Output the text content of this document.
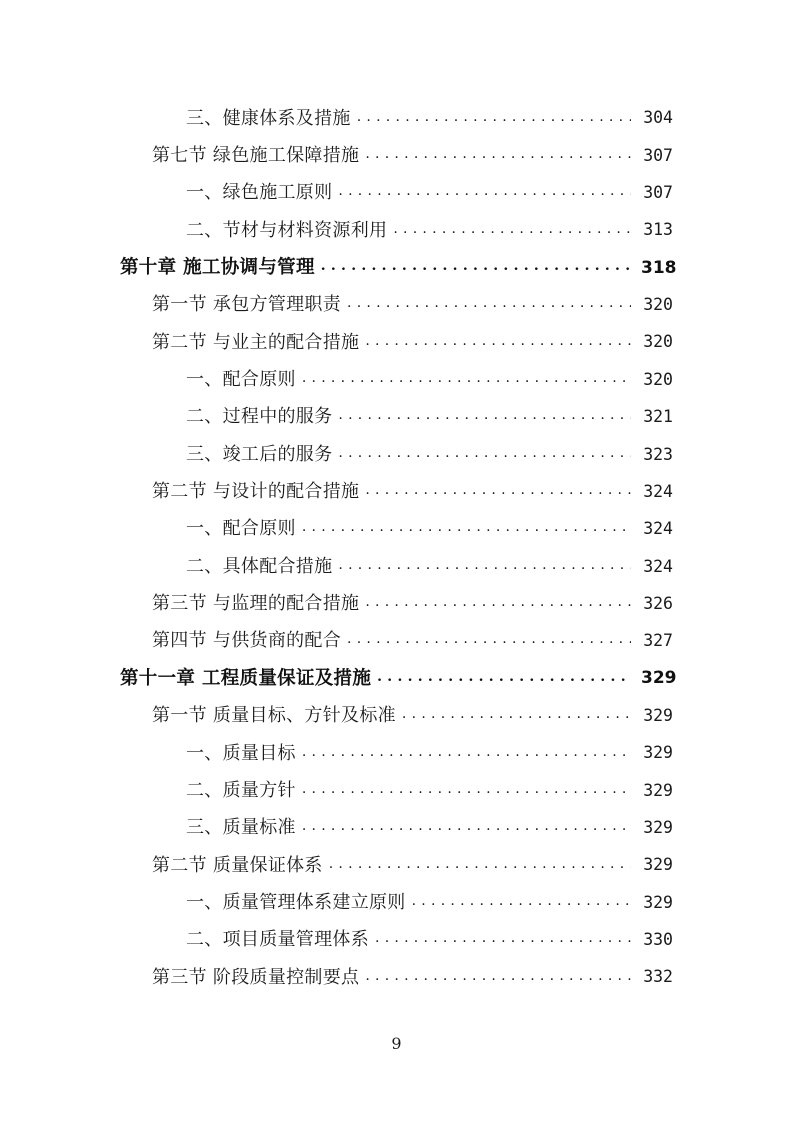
三、健康体系及措施 . . .	304
第七节 绿色施工保障措施 . . .	307
一、绿色施工原则 . . .	307
二、节材与材料资源利用 . . .	313
第十章 施工协调与管理 . . .	318
第一节 承包方管理职责 . . .	320
第二节 与业主的配合措施 . . .	320
一、配合原则 . . .	320
二、过程中的服务 . . .	321
三、竣工后的服务 . . .	323
第二节 与设计的配合措施 . . .	324
一、配合原则 . . .	324
二、具体配合措施 . . .	324
第三节 与监理的配合措施 . . .	326
第四节 与供货商的配合 . . .	327
第十一章 工程质量保证及措施 . . .	329
第一节 质量目标、方针及标准 . . .	329
一、质量目标 . . .	329
二、质量方针 . . .	329
三、质量标准 . . .	329
第二节 质量保证体系 . . .	329
一、质量管理体系建立原则 . . .	329
二、项目质量管理体系 . . .	330
第三节 阶段质量控制要点 . . .	332
9
